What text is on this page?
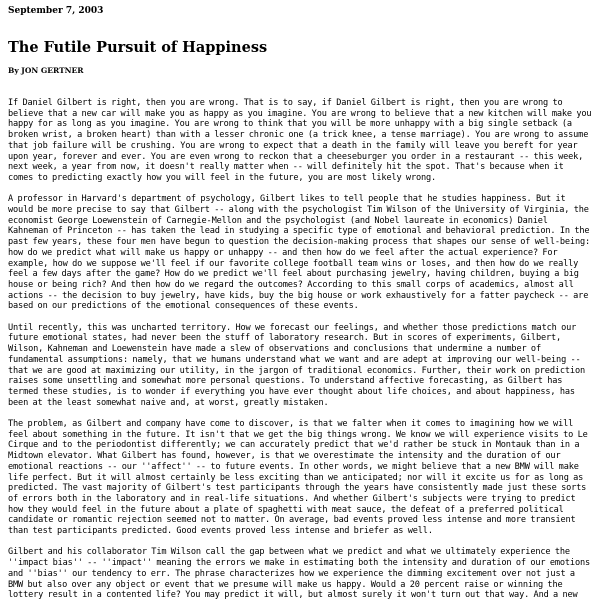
September 7, 2003
The Futile Pursuit of Happiness
By JON GERTNER

If Daniel Gilbert is right, then you are wrong. That is to say, if Daniel Gilbert is right, then you are wrong to believe that a new car will make you as happy as you imagine. You are wrong to believe that a new kitchen will make you happy for as long as you imagine. You are wrong to think that you will be more unhappy with a big single setback (a broken wrist, a broken heart) than with a lesser chronic one (a trick knee, a tense marriage). You are wrong to assume that job failure will be crushing. You are wrong to expect that a death in the family will leave you bereft for year upon year, forever and ever. You are even wrong to reckon that a cheeseburger you order in a restaurant -- this week, next week, a year from now, it doesn't really matter when -- will definitely hit the spot. That's because when it comes to predicting exactly how you will feel in the future, you are most likely wrong.

A professor in Harvard's department of psychology, Gilbert likes to tell people that he studies happiness. But it would be more precise to say that Gilbert -- along with the psychologist Tim Wilson of the University of Virginia, the economist George Loewenstein of Carnegie-Mellon and the psychologist (and Nobel laureate in economics) Daniel Kahneman of Princeton -- has taken the lead in studying a specific type of emotional and behavioral prediction. In the past few years, these four men have begun to question the decision-making process that shapes our sense of well-being: how do we predict what will make us happy or unhappy -- and then how do we feel after the actual experience? For example, how do we suppose we'll feel if our favorite college football team wins or loses, and then how do we really feel a few days after the game? How do we predict we'll feel about purchasing jewelry, having children, buying a big house or being rich? And then how do we regard the outcomes? According to this small corps of academics, almost all actions -- the decision to buy jewelry, have kids, buy the big house or work exhaustively for a fatter paycheck -- are based on our predictions of the emotional consequences of these events.

Until recently, this was uncharted territory. How we forecast our feelings, and whether those predictions match our future emotional states, had never been the stuff of laboratory research. But in scores of experiments, Gilbert, Wilson, Kahneman and Loewenstein have made a slew of observations and conclusions that undermine a number of fundamental assumptions: namely, that we humans understand what we want and are adept at improving our well-being -- that we are good at maximizing our utility, in the jargon of traditional economics. Further, their work on prediction raises some unsettling and somewhat more personal questions. To understand affective forecasting, as Gilbert has termed these studies, is to wonder if everything you have ever thought about life choices, and about happiness, has been at the least somewhat naive and, at worst, greatly mistaken.

The problem, as Gilbert and company have come to discover, is that we falter when it comes to imagining how we will feel about something in the future. It isn't that we get the big things wrong. We know we will experience visits to Le Cirque and to the periodontist differently; we can accurately predict that we'd rather be stuck in Montauk than in a Midtown elevator. What Gilbert has found, however, is that we overestimate the intensity and the duration of our emotional reactions -- our ''affect'' -- to future events. In other words, we might believe that a new BMW will make life perfect. But it will almost certainly be less exciting than we anticipated; nor will it excite us for as long as predicted. The vast majority of Gilbert's test participants through the years have consistently made just these sorts of errors both in the laboratory and in real-life situations. And whether Gilbert's subjects were trying to predict how they would feel in the future about a plate of spaghetti with meat sauce, the defeat of a preferred political candidate or romantic rejection seemed not to matter. On average, bad events proved less intense and more transient than test participants predicted. Good events proved less intense and briefer as well.

Gilbert and his collaborator Tim Wilson call the gap between what we predict and what we ultimately experience the ''impact bias'' -- ''impact'' meaning the errors we make in estimating both the intensity and duration of our emotions and ''bias'' our tendency to err. The phrase characterizes how we experience the dimming excitement over not just a BMW but also over any object or event that we presume will make us happy. Would a 20 percent raise or winning the lottery result in a contented life? You may predict it will, but almost surely it won't turn out that way. And a new
